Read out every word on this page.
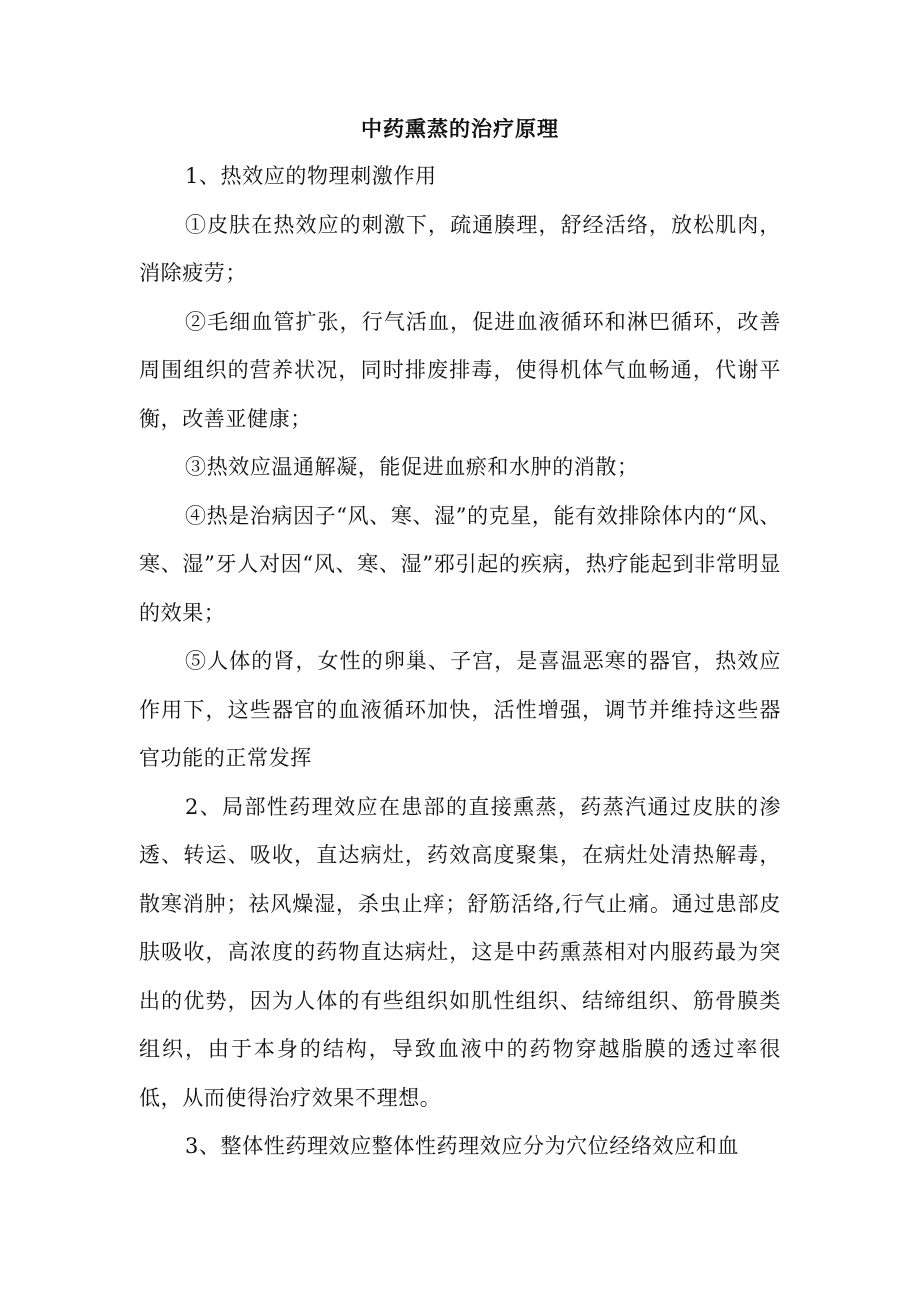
中药熏蒸的治疗原理

1、热效应的物理刺激作用

①皮肤在热效应的刺激下，疏通腠理，舒经活络，放松肌肉，消除疲劳；

②毛细血管扩张，行气活血，促进血液循环和淋巴循环，改善周围组织的营养状况，同时排废排毒，使得机体气血畅通，代谢平衡，改善亚健康；

③热效应温通解凝，能促进血瘀和水肿的消散；

④热是治病因子“风、寒、湿”的克星，能有效排除体内的“风、寒、湿”牙人对因“风、寒、湿”邪引起的疾病，热疗能起到非常明显的效果；

⑤人体的肾，女性的卵巢、子宫，是喜温恶寒的器官，热效应作用下，这些器官的血液循环加快，活性增强，调节并维持这些器官功能的正常发挥

2、局部性药理效应在患部的直接熏蒸，药蒸汽通过皮肤的渗透、转运、吸收，直达病灶，药效高度聚集，在病灶处清热解毒，散寒消肿；祛风燥湿，杀虫止痒；舒筋活络,行气止痛。通过患部皮肤吸收，高浓度的药物直达病灶，这是中药熏蒸相对内服药最为突出的优势，因为人体的有些组织如肌性组织、结缔组织、筋骨膜类组织，由于本身的结构，导致血液中的药物穿越脂膜的透过率很低，从而使得治疗效果不理想。

3、整体性药理效应整体性药理效应分为穴位经络效应和血
